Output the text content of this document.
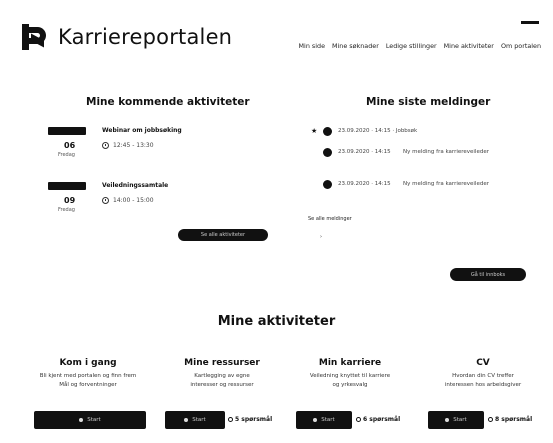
Karriereportalen	Min side Mine søknader Ledige stillinger Mine aktiviteter Om portalen
Mine kommende aktiviteter
06
Fredag
Webinar om jobbsøking
12:45 - 13:30
09
Fredag
Veiledningssamtale
14:00 - 15:00
Se alle aktiviteter
Mine siste meldinger
★	23.09.2020 · 14:15 · Jobbsøk
23.09.2020 · 14:15 Ny melding fra karriereveileder
23.09.2020 · 14:15 Ny melding fra karriereveileder
Se alle meldinger
›
Gå til innboks
Mine aktiviteter
Kom i gang

Bli kjent med portalen og finn frem

Mål og forventninger

Mine ressurser

Kartlegging av egne

interesser og ressurser

Min karriere

Veiledning knyttet til karriere

og yrkesvalg

CV

Hvordan din CV treffer

interessen hos arbeidsgiver

Start	Start	5 spørsmål	Start	6 spørsmål	Start	8 spørsmål
